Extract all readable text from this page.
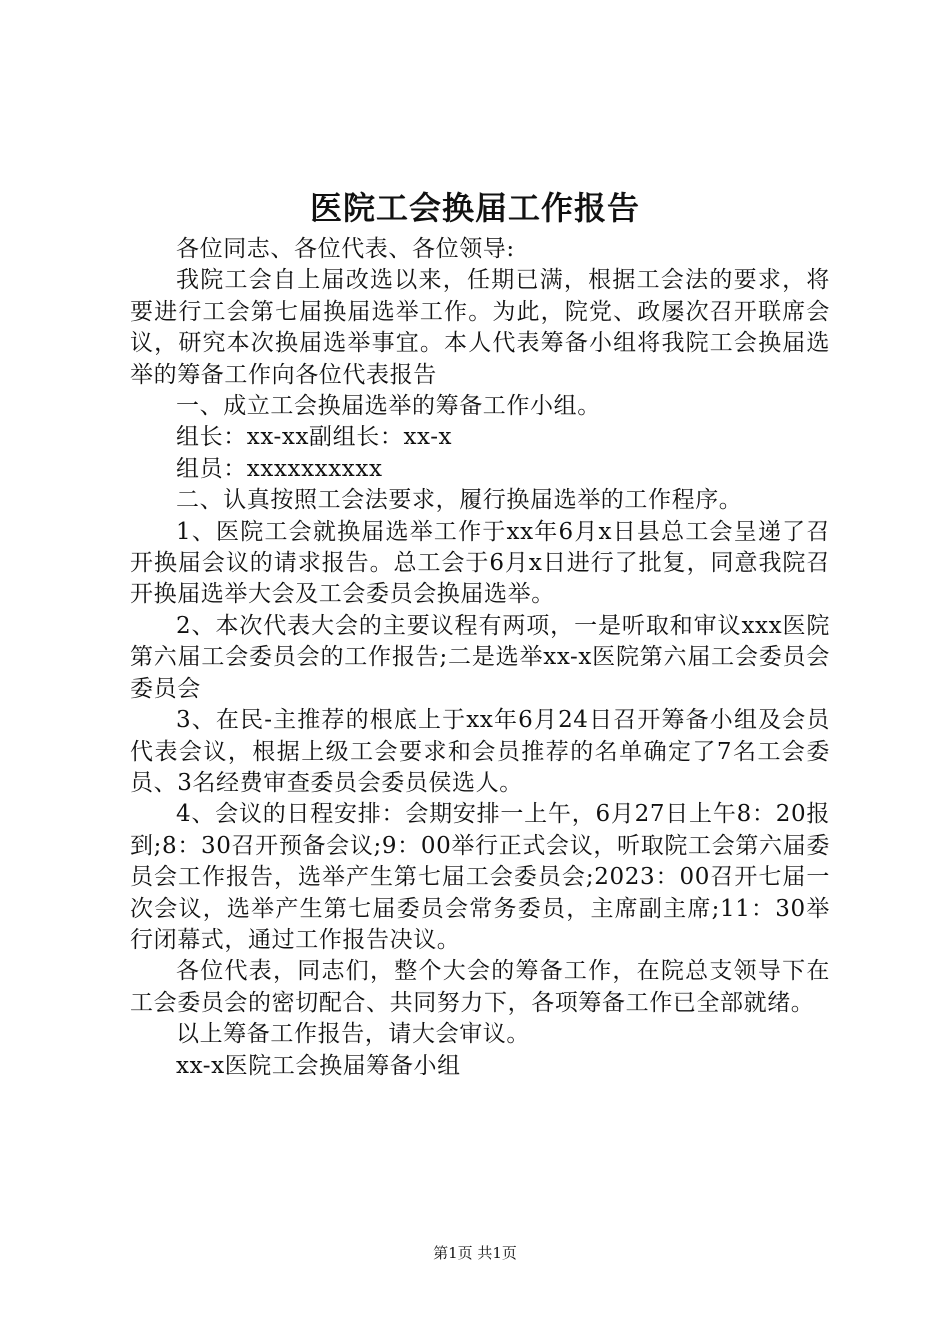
医院工会换届工作报告

各位同志、各位代表、各位领导:

我院工会自上届改选以来，任期已满，根据工会法的要求，将要进行工会第七届换届选举工作。为此，院党、政屡次召开联席会议，研究本次换届选举事宜。本人代表筹备小组将我院工会换届选举的筹备工作向各位代表报告

一、成立工会换届选举的筹备工作小组。

组长：xx-xx副组长：xx-x

组员：xxxxxxxxxx

二、认真按照工会法要求，履行换届选举的工作程序。

1、医院工会就换届选举工作于xx年6月x日县总工会呈递了召开换届会议的请求报告。总工会于6月x日进行了批复，同意我院召开换届选举大会及工会委员会换届选举。

2、本次代表大会的主要议程有两项，一是听取和审议xxx医院第六届工会委员会的工作报告;二是选举xx-x医院第六届工会委员会委员会

3、在民-主推荐的根底上于xx年6月24日召开筹备小组及会员代表会议，根据上级工会要求和会员推荐的名单确定了7名工会委员、3名经费审查委员会委员侯选人。

4、会议的日程安排：会期安排一上午，6月27日上午8：20报到;8：30召开预备会议;9：00举行正式会议，听取院工会第六届委员会工作报告，选举产生第七届工会委员会;2023：00召开七届一次会议，选举产生第七届委员会常务委员，主席副主席;11：30举行闭幕式，通过工作报告决议。

各位代表，同志们，整个大会的筹备工作，在院总支领导下在工会委员会的密切配合、共同努力下，各项筹备工作已全部就绪。

以上筹备工作报告，请大会审议。

xx-x医院工会换届筹备小组

第1页 共1页
